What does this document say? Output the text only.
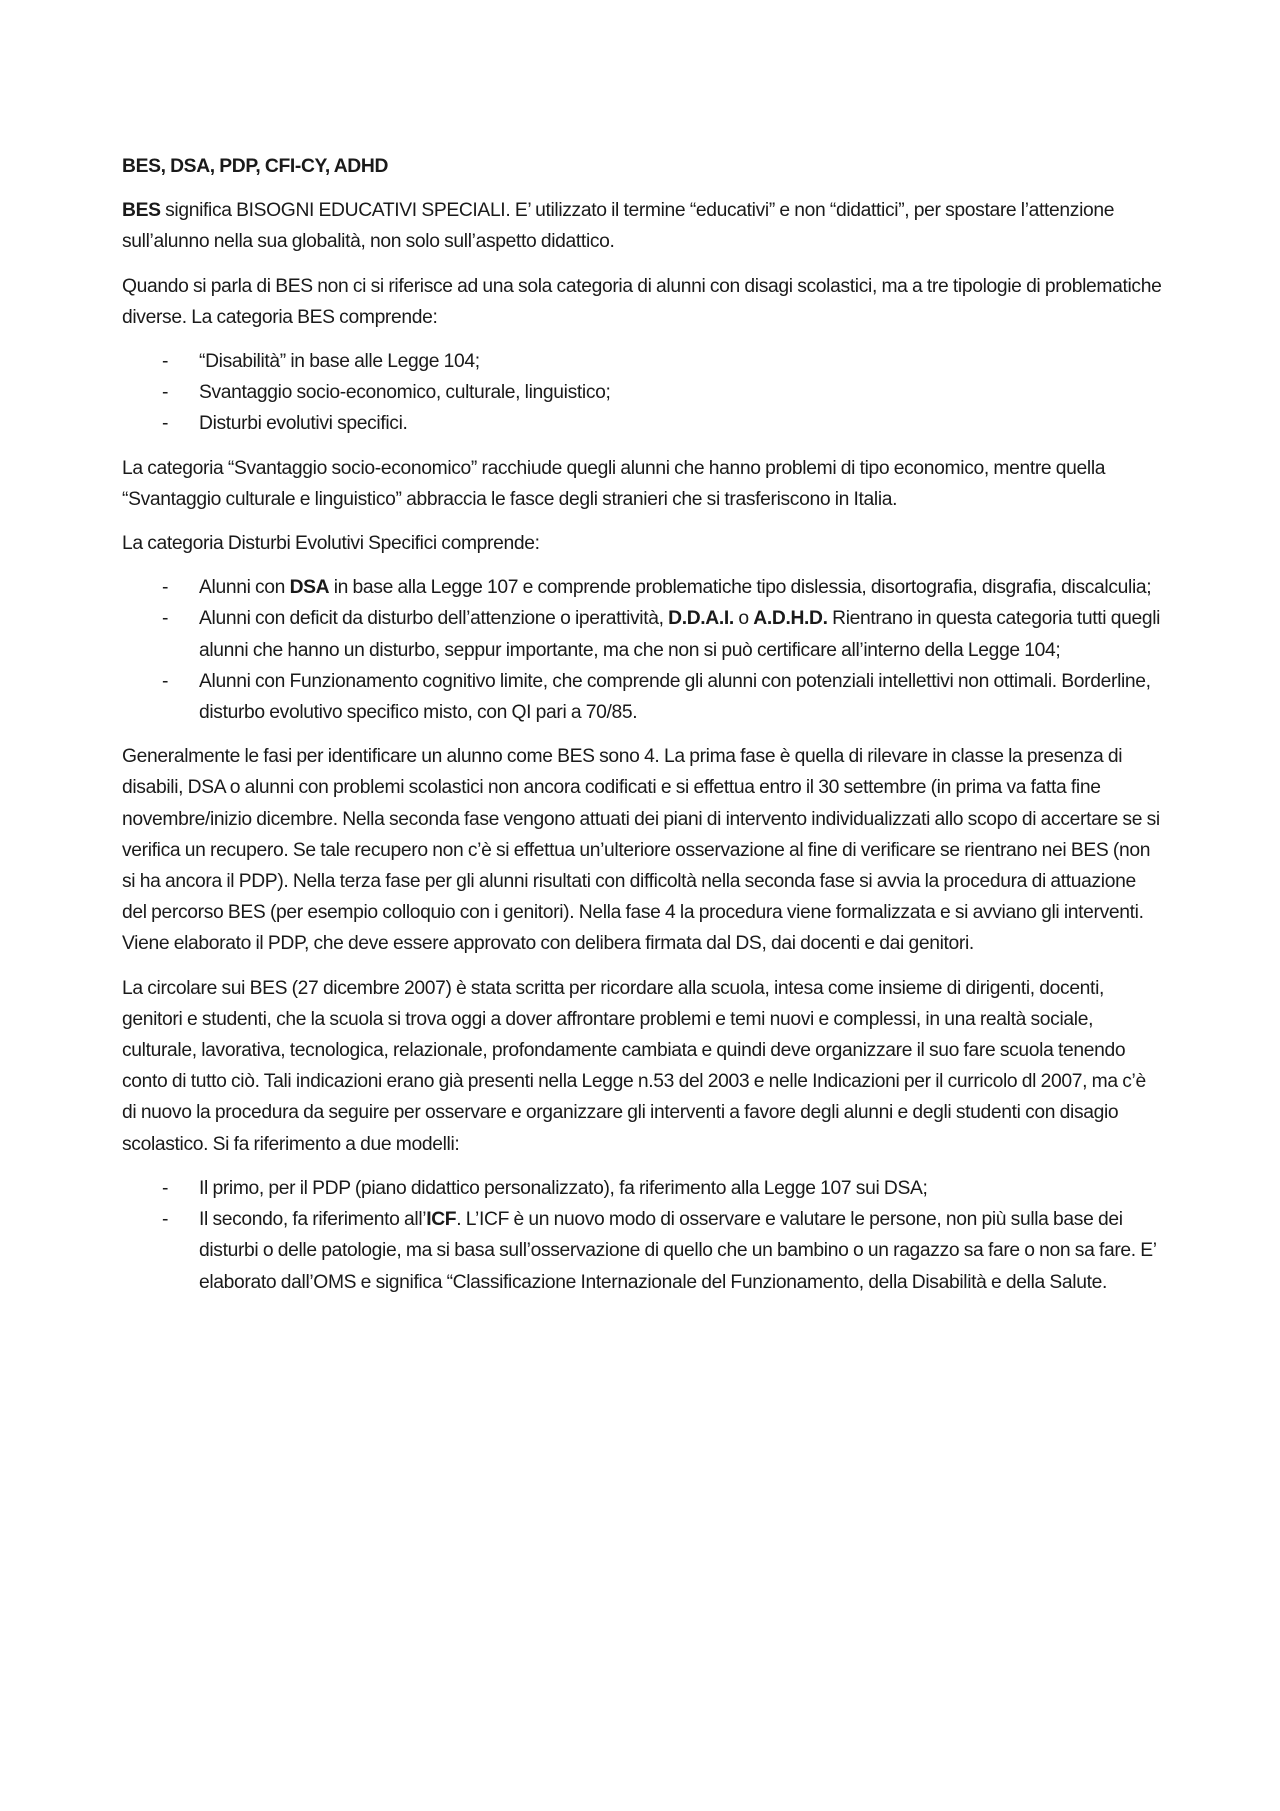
BES, DSA, PDP, CFI-CY, ADHD

BES significa BISOGNI EDUCATIVI SPECIALI. E’ utilizzato il termine “educativi” e non “didattici”, per spostare l’attenzione sull’alunno nella sua globalità, non solo sull’aspetto didattico.

Quando si parla di BES non ci si riferisce ad una sola categoria di alunni con disagi scolastici, ma a tre tipologie di problematiche diverse. La categoria BES comprende:

- “Disabilità” in base alle Legge 104;
- Svantaggio socio-economico, culturale, linguistico;
- Disturbi evolutivi specifici.

La categoria “Svantaggio socio-economico” racchiude quegli alunni che hanno problemi di tipo economico, mentre quella “Svantaggio culturale e linguistico” abbraccia le fasce degli stranieri che si trasferiscono in Italia.

La categoria Disturbi Evolutivi Specifici comprende:

- Alunni con DSA in base alla Legge 107 e comprende problematiche tipo dislessia, disortografia, disgrafia, discalculia;
- Alunni con deficit da disturbo dell’attenzione o iperattività, D.D.A.I. o A.D.H.D. Rientrano in questa categoria tutti quegli alunni che hanno un disturbo, seppur importante, ma che non si può certificare all’interno della Legge 104;
- Alunni con Funzionamento cognitivo limite, che comprende gli alunni con potenziali intellettivi non ottimali. Borderline, disturbo evolutivo specifico misto, con QI pari a 70/85.

Generalmente le fasi per identificare un alunno come BES sono 4. La prima fase è quella di rilevare in classe la presenza di disabili, DSA o alunni con problemi scolastici non ancora codificati e si effettua entro il 30 settembre (in prima va fatta fine novembre/inizio dicembre. Nella seconda fase vengono attuati dei piani di intervento individualizzati allo scopo di accertare se si verifica un recupero. Se tale recupero non c’è si effettua un’ulteriore osservazione al fine di verificare se rientrano nei BES (non si ha ancora il PDP). Nella terza fase per gli alunni risultati con difficoltà nella seconda fase si avvia la procedura di attuazione del percorso BES (per esempio colloquio con i genitori). Nella fase 4 la procedura viene formalizzata e si avviano gli interventi. Viene elaborato il PDP, che deve essere approvato con delibera firmata dal DS, dai docenti e dai genitori.

La circolare sui BES (27 dicembre 2007) è stata scritta per ricordare alla scuola, intesa come insieme di dirigenti, docenti, genitori e studenti, che la scuola si trova oggi a dover affrontare problemi e temi nuovi e complessi, in una realtà sociale, culturale, lavorativa, tecnologica, relazionale, profondamente cambiata e quindi deve organizzare il suo fare scuola tenendo conto di tutto ciò. Tali indicazioni erano già presenti nella Legge n.53 del 2003 e nelle Indicazioni per il curricolo dl 2007, ma c’è di nuovo la procedura da seguire per osservare e organizzare gli interventi a favore degli alunni e degli studenti con disagio scolastico. Si fa riferimento a due modelli:

- Il primo, per il PDP (piano didattico personalizzato), fa riferimento alla Legge 107 sui DSA;
- Il secondo, fa riferimento all’ICF. L’ICF è un nuovo modo di osservare e valutare le persone, non più sulla base dei disturbi o delle patologie, ma si basa sull’osservazione di quello che un bambino o un ragazzo sa fare o non sa fare. E’ elaborato dall’OMS e significa “Classificazione Internazionale del Funzionamento, della Disabilità e della Salute.
